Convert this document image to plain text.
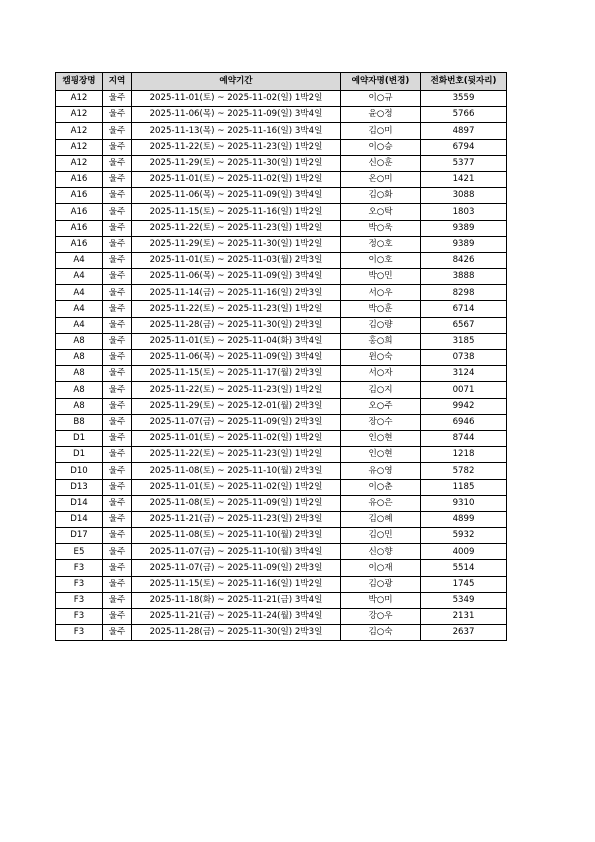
캠핑장명	지역	예약기간	예약자명(변경)	전화번호(뒷자리)
A12	울주	2025-11-01(토) ~ 2025-11-02(일) 1박2일	이○규	3559
A12	울주	2025-11-06(목) ~ 2025-11-09(일) 3박4일	윤○정	5766
A12	울주	2025-11-13(목) ~ 2025-11-16(일) 3박4일	김○미	4897
A12	울주	2025-11-22(토) ~ 2025-11-23(일) 1박2일	이○승	6794
A12	울주	2025-11-29(토) ~ 2025-11-30(일) 1박2일	신○훈	5377
A16	울주	2025-11-01(토) ~ 2025-11-02(일) 1박2일	온○미	1421
A16	울주	2025-11-06(목) ~ 2025-11-09(일) 3박4일	김○화	3088
A16	울주	2025-11-15(토) ~ 2025-11-16(일) 1박2일	오○탁	1803
A16	울주	2025-11-22(토) ~ 2025-11-23(일) 1박2일	박○욱	9389
A16	울주	2025-11-29(토) ~ 2025-11-30(일) 1박2일	정○호	9389
A4	울주	2025-11-01(토) ~ 2025-11-03(월) 2박3일	이○호	8426
A4	울주	2025-11-06(목) ~ 2025-11-09(일) 3박4일	박○민	3888
A4	울주	2025-11-14(금) ~ 2025-11-16(일) 2박3일	서○우	8298
A4	울주	2025-11-22(토) ~ 2025-11-23(일) 1박2일	박○훈	6714
A4	울주	2025-11-28(금) ~ 2025-11-30(일) 2박3일	김○량	6567
A8	울주	2025-11-01(토) ~ 2025-11-04(화) 3박4일	홍○희	3185
A8	울주	2025-11-06(목) ~ 2025-11-09(일) 3박4일	윈○숙	0738
A8	울주	2025-11-15(토) ~ 2025-11-17(월) 2박3일	서○자	3124
A8	울주	2025-11-22(토) ~ 2025-11-23(일) 1박2일	김○지	0071
A8	울주	2025-11-29(토) ~ 2025-12-01(월) 2박3일	오○주	9942
B8	울주	2025-11-07(금) ~ 2025-11-09(일) 2박3일	장○수	6946
D1	울주	2025-11-01(토) ~ 2025-11-02(일) 1박2일	인○현	8744
D1	울주	2025-11-22(토) ~ 2025-11-23(일) 1박2일	인○현	1218
D10	울주	2025-11-08(토) ~ 2025-11-10(월) 2박3일	유○영	5782
D13	울주	2025-11-01(토) ~ 2025-11-02(일) 1박2일	이○춘	1185
D14	울주	2025-11-08(토) ~ 2025-11-09(일) 1박2일	유○은	9310
D14	울주	2025-11-21(금) ~ 2025-11-23(일) 2박3일	김○혜	4899
D17	울주	2025-11-08(토) ~ 2025-11-10(월) 2박3일	김○민	5932
E5	울주	2025-11-07(금) ~ 2025-11-10(월) 3박4일	신○향	4009
F3	울주	2025-11-07(금) ~ 2025-11-09(일) 2박3일	이○재	5514
F3	울주	2025-11-15(토) ~ 2025-11-16(일) 1박2일	김○광	1745
F3	울주	2025-11-18(화) ~ 2025-11-21(금) 3박4일	박○미	5349
F3	울주	2025-11-21(금) ~ 2025-11-24(월) 3박4일	강○우	2131
F3	울주	2025-11-28(금) ~ 2025-11-30(일) 2박3일	김○숙	2637
